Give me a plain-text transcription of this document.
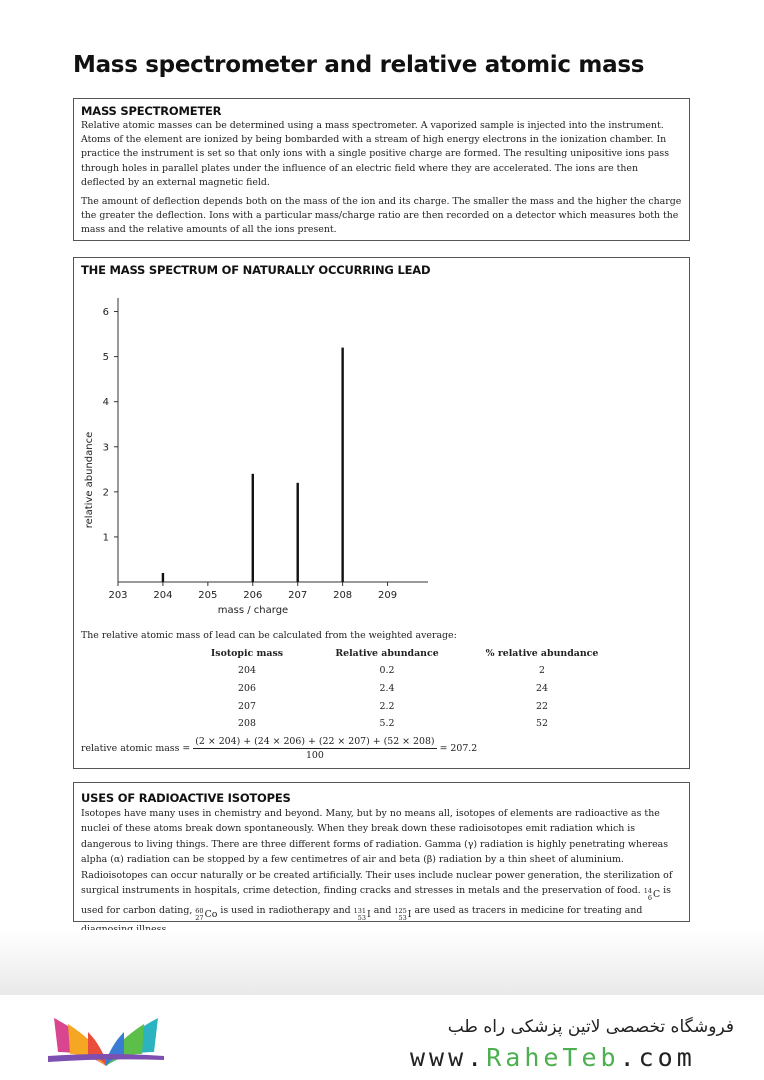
Mass spectrometer and relative atomic mass
MASS SPECTROMETER

Relative atomic masses can be determined using a mass spectrometer. A vaporized sample is injected into the instrument. Atoms of the element are ionized by being bombarded with a stream of high energy electrons in the ionization chamber. In practice the instrument is set so that only ions with a single positive charge are formed. The resulting unipositive ions pass through holes in parallel plates under the influence of an electric field where they are accelerated. The ions are then deflected by an external magnetic field.

The amount of deflection depends both on the mass of the ion and its charge. The smaller the mass and the higher the charge the greater the deflection. Ions with a particular mass/charge ratio are then recorded on a detector which measures both the mass and the relative amounts of all the ions present.

THE MASS SPECTRUM OF NATURALLY OCCURRING LEAD
1
2
3
4
5
6
203	204	205	206	207	208	209
mass / charge
relative abundance

The relative atomic mass of lead can be calculated from the weighted average:

Isotopic mass	Relative abundance	% relative abundance
204	0.2	2
206	2.4	24
207	2.2	22
208	5.2	52
relative atomic mass = $\frac{(2 \times 204) + (24 \times 206) + (22 \times 207) + (52 \times 208)}{100} = 207.2$
USES OF RADIOACTIVE ISOTOPES

Isotopes have many uses in chemistry and beyond. Many, but by no means all, isotopes of elements are radioactive as the nuclei of these atoms break down spontaneously. When they break down these radioisotopes emit radiation which is dangerous to living things. There are three different forms of radiation. Gamma (γ) radiation is highly penetrating whereas alpha (α) radiation can be stopped by a few centimetres of air and beta (β) radiation by a thin sheet of aluminium. Radioisotopes can occur naturally or be created artificially. Their uses include nuclear power generation, the sterilization of surgical instruments in hospitals, crime detection, finding cracks and stresses in metals and the preservation of food. 14
6 C is used for carbon dating, 60
27 Co is used in radiotherapy and 131
53 I and 125
53 I are used as tracers in medicine for treating and

فروشگاه تخصصی لاتین پزشکی راه طب
www.RaheTeb.com
